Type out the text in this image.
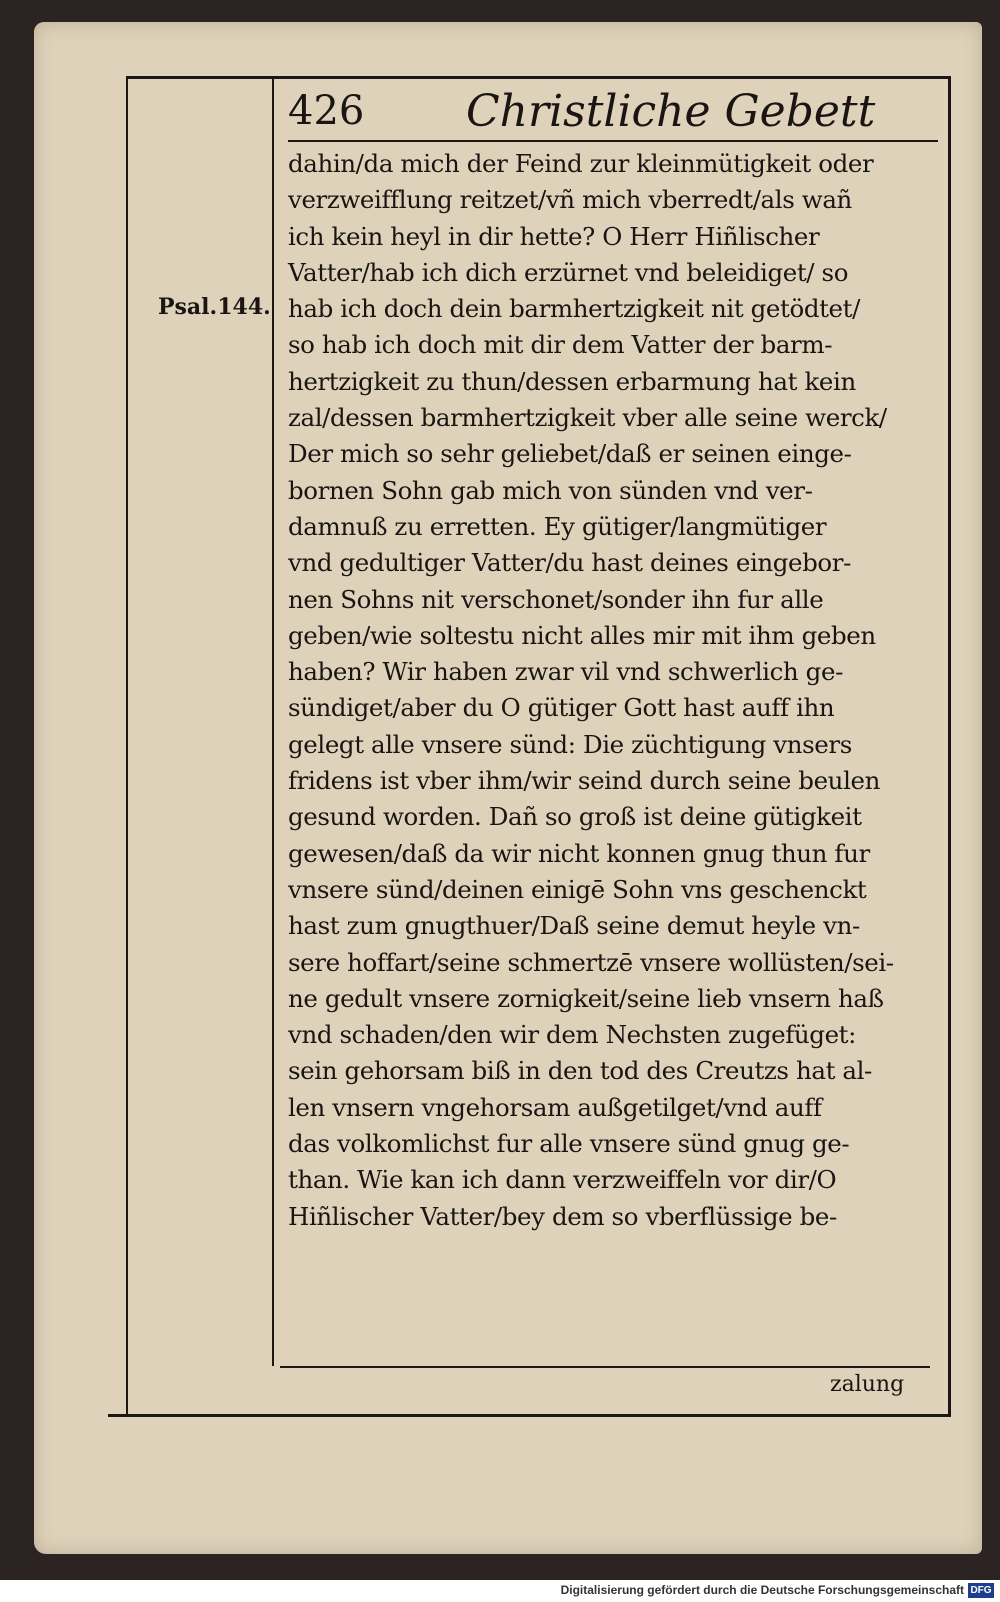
426 Christliche Gebett
Psal.144.
dahin/da mich der Feind zur kleinmütigkeit oder
verzweifflung reitzet/vñ mich vberredt/als wañ
ich kein heyl in dir hette? O Herr Hiñlischer
Vatter/hab ich dich erzürnet vnd beleidiget/ so
hab ich doch dein barmhertzigkeit nit getödtet/
so hab ich doch mit dir dem Vatter der barm-
hertzigkeit zu thun/dessen erbarmung hat kein
zal/dessen barmhertzigkeit vber alle seine werck/
Der mich so sehr geliebet/daß er seinen einge-
bornen Sohn gab mich von sünden vnd ver-
damnuß zu erretten. Ey gütiger/langmütiger
vnd gedultiger Vatter/du hast deines eingebor-
nen Sohns nit verschonet/sonder ihn fur alle
geben/wie soltestu nicht alles mir mit ihm geben
haben? Wir haben zwar vil vnd schwerlich ge-
sündiget/aber du O gütiger Gott hast auff ihn
gelegt alle vnsere sünd: Die züchtigung vnsers
fridens ist vber ihm/wir seind durch seine beulen
gesund worden. Dañ so groß ist deine gütigkeit
gewesen/daß da wir nicht konnen gnug thun fur
vnsere sünd/deinen einigē Sohn vns geschenckt
hast zum gnugthuer/Daß seine demut heyle vn-
sere hoffart/seine schmertzē vnsere wollüsten/sei-
ne gedult vnsere zornigkeit/seine lieb vnsern haß
vnd schaden/den wir dem Nechsten zugefüget:
sein gehorsam biß in den tod des Creutzs hat al-
len vnsern vngehorsam außgetilget/vnd auff
das volkomlichst fur alle vnsere sünd gnug ge-
than. Wie kan ich dann verzweiffeln vor dir/O
Hiñlischer Vatter/bey dem so vberflüssige be-
zalung
Digitalisierung gefördert durch die Deutsche Forschungsgemeinschaft DFG
